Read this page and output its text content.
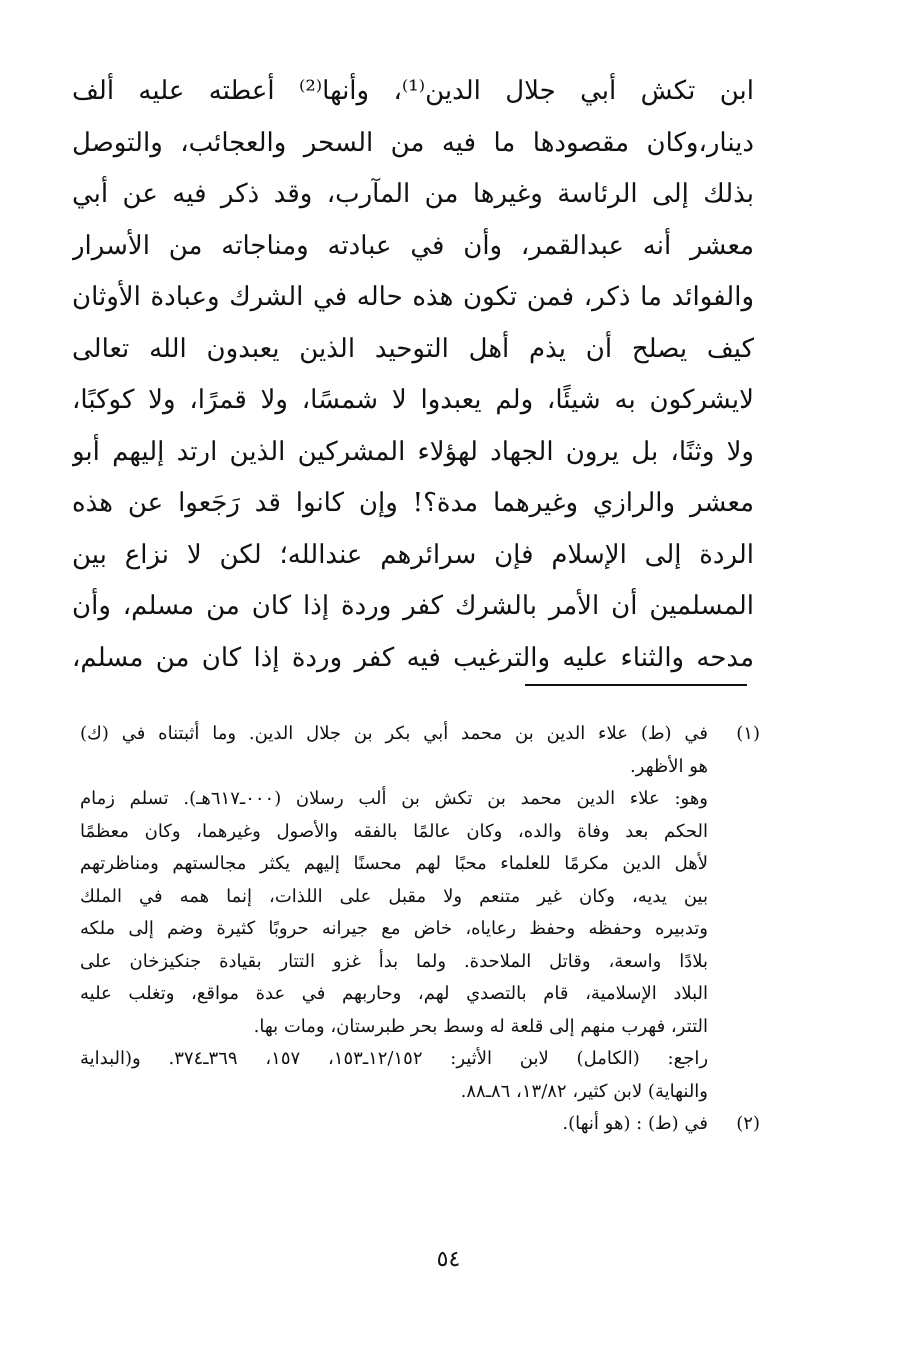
ابن تكش أبي جلال الدين⁽¹⁾، وأنها⁽²⁾ أعطته عليه ألف
دينار،وكان مقصودها ما فيه من السحر والعجائب، والتوصل
بذلك إلى الرئاسة وغيرها من المآرب، وقد ذكر فيه عن أبي
معشر أنه عبدالقمر، وأن في عبادته ومناجاته من الأسرار
والفوائد ما ذكر، فمن تكون هذه حاله في الشرك وعبادة الأوثان
كيف يصلح أن يذم أهل التوحيد الذين يعبدون الله تعالى
لايشركون به شيئًا، ولم يعبدوا لا شمسًا، ولا قمرًا، ولا كوكبًا،
ولا وثنًا، بل يرون الجهاد لهؤلاء المشركين الذين ارتد إليهم أبو
معشر والرازي وغيرهما مدة؟! وإن كانوا قد رَجَعوا عن هذه
الردة إلى الإسلام فإن سرائرهم عندالله؛ لكن لا نزاع بين
المسلمين أن الأمر بالشرك كفر وردة إذا كان من مسلم، وأن
مدحه والثناء عليه والترغيب فيه كفر وردة إذا كان من مسلم،
(١)
في (ط) علاء الدين بن محمد أبي بكر بن جلال الدين. وما أثبتناه في (ك)
هو الأظهر.
وهو: علاء الدين محمد بن تكش بن ألب رسلان (٠٠٠ـ٦١٧هـ). تسلم زمام
الحكم بعد وفاة والده، وكان عالمًا بالفقه والأصول وغيرهما، وكان معظمًا
لأهل الدين مكرمًا للعلماء محبًا لهم محسنًا إليهم يكثر مجالستهم ومناظرتهم
بين يديه، وكان غير متنعم ولا مقبل على اللذات، إنما همه في الملك
وتدبيره وحفظه وحفظ رعاياه، خاض مع جيرانه حروبًا كثيرة وضم إلى ملكه
بلادًا واسعة، وقاتل الملاحدة. ولما بدأ غزو التتار بقيادة جنكيزخان على
البلاد الإسلامية، قام بالتصدي لهم، وحاربهم في عدة مواقع، وتغلب عليه
التتر، فهرب منهم إلى قلعة له وسط بحر طبرستان، ومات بها.
راجع: (الكامل) لابن الأثير: ١٢/١٥٢ـ١٥٣، ١٥٧، ٣٦٩ـ٣٧٤. و(البداية
والنهاية) لابن كثير، ١٣/٨٢، ٨٦ـ٨٨.
(٢)
في (ط) : (هو أنها).
٥٤
